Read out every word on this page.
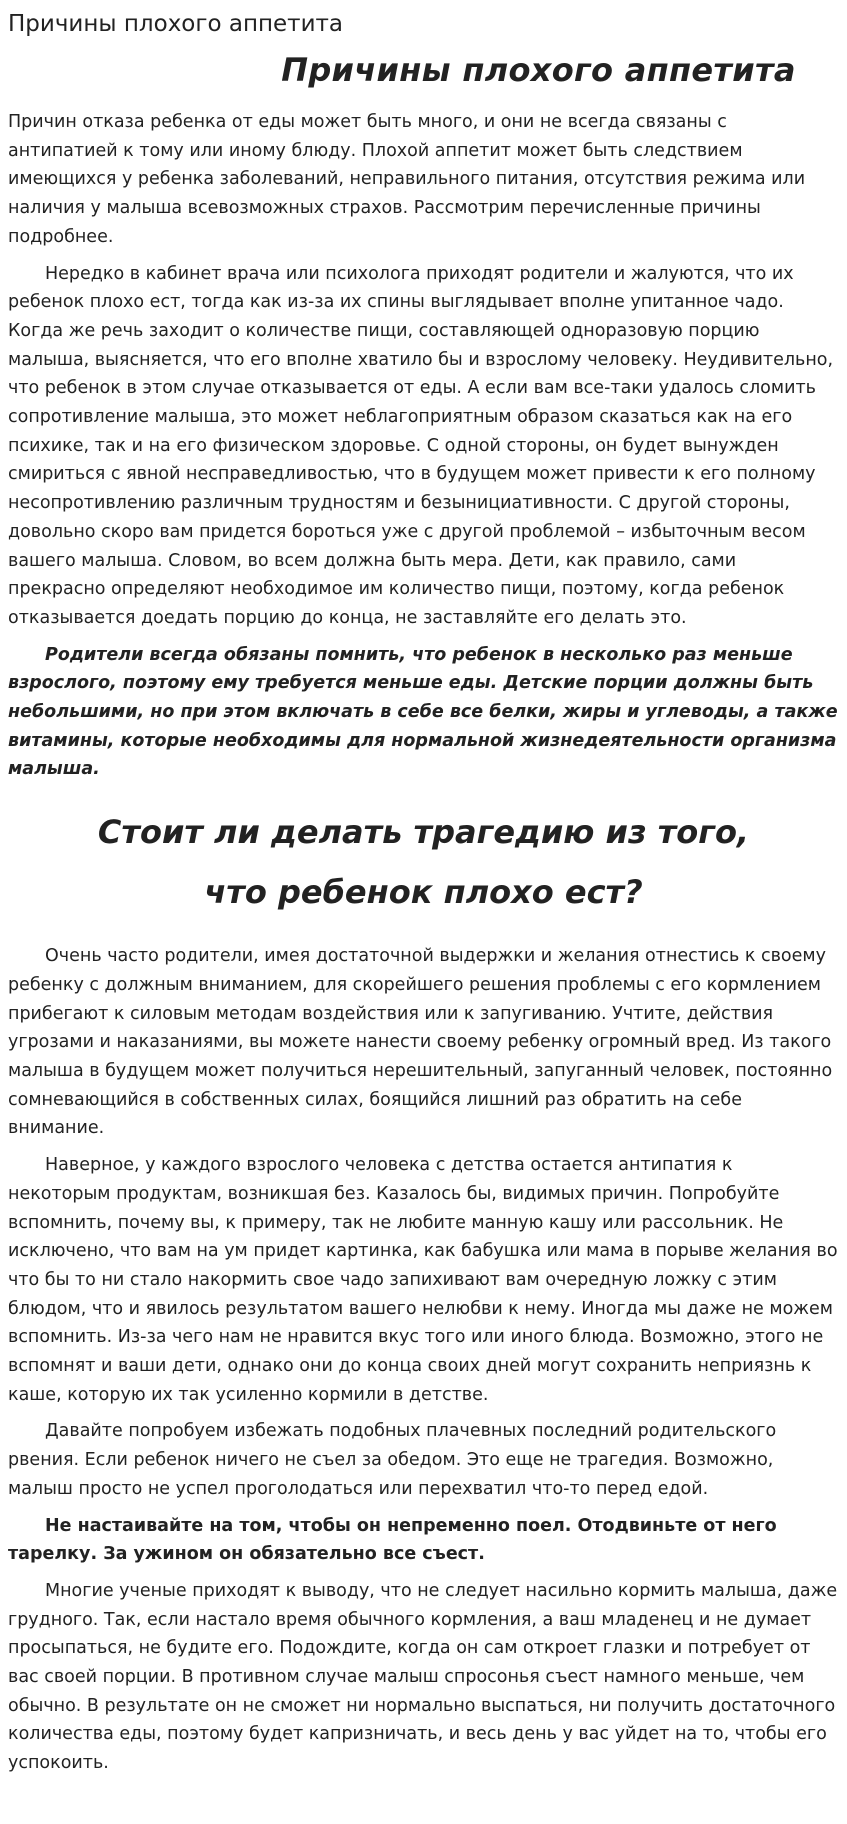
Причины плохого аппетита
Причины плохого аппетита

Причин отказа ребенка от еды может быть много, и они не всегда связаны с антипатией к тому или иному блюду. Плохой аппетит может быть следствием имеющихся у ребенка заболеваний, неправильного питания, отсутствия режима или наличия у малыша всевозможных страхов. Рассмотрим перечисленные причины подробнее.

Нередко в кабинет врача или психолога приходят родители и жалуются, что их ребенок плохо ест, тогда как из-за их спины выглядывает вполне упитанное чадо. Когда же речь заходит о количестве пищи, составляющей одноразовую порцию малыша, выясняется, что его вполне хватило бы и взрослому человеку. Неудивительно, что ребенок в этом случае отказывается от еды. А если вам все-таки удалось сломить сопротивление малыша, это может неблагоприятным образом сказаться как на его психике, так и на его физическом здоровье. С одной стороны, он будет вынужден смириться с явной несправедливостью, что в будущем может привести к его полному несопротивлению различным трудностям и безынициативности. С другой стороны, довольно скоро вам придется бороться уже с другой проблемой – избыточным весом вашего малыша. Словом, во всем должна быть мера. Дети, как правило, сами прекрасно определяют необходимое им количество пищи, поэтому, когда ребенок отказывается доедать порцию до конца, не заставляйте его делать это.

Родители всегда обязаны помнить, что ребенок в несколько раз меньше взрослого, поэтому ему требуется меньше еды. Детские порции должны быть небольшими, но при этом включать в себе все белки, жиры и углеводы, а также витамины, которые необходимы для нормальной жизнедеятельности организма малыша.

Стоит ли делать трагедию из того,
что ребенок плохо ест?

Очень часто родители, имея достаточной выдержки и желания отнестись к своему ребенку с должным вниманием, для скорейшего решения проблемы с его кормлением прибегают к силовым методам воздействия или к запугиванию. Учтите, действия угрозами и наказаниями, вы можете нанести своему ребенку огромный вред. Из такого малыша в будущем может получиться нерешительный, запуганный человек, постоянно сомневающийся в собственных силах, боящийся лишний раз обратить на себе внимание.

Наверное, у каждого взрослого человека с детства остается антипатия к некоторым продуктам, возникшая без. Казалось бы, видимых причин. Попробуйте вспомнить, почему вы, к примеру, так не любите манную кашу или рассольник. Не исключено, что вам на ум придет картинка, как бабушка или мама в порыве желания во что бы то ни стало накормить свое чадо запихивают вам очередную ложку с этим блюдом, что и явилось результатом вашего нелюбви к нему. Иногда мы даже не можем вспомнить. Из-за чего нам не нравится вкус того или иного блюда. Возможно, этого не вспомнят и ваши дети, однако они до конца своих дней могут сохранить неприязнь к каше, которую их так усиленно кормили в детстве.

Давайте попробуем избежать подобных плачевных последний родительского рвения. Если ребенок ничего не съел за обедом. Это еще не трагедия. Возможно, малыш просто не успел проголодаться или перехватил что-то перед едой.

Не настаивайте на том, чтобы он непременно поел. Отодвиньте от него тарелку. За ужином он обязательно все съест.

Многие ученые приходят к выводу, что не следует насильно кормить малыша, даже грудного. Так, если настало время обычного кормления, а ваш младенец и не думает просыпаться, не будите его. Подождите, когда он сам откроет глазки и потребует от вас своей порции. В противном случае малыш спросонья съест намного меньше, чем обычно. В результате он не сможет ни нормально выспаться, ни получить достаточного количества еды, поэтому будет капризничать, и весь день у вас уйдет на то, чтобы его успокоить.
